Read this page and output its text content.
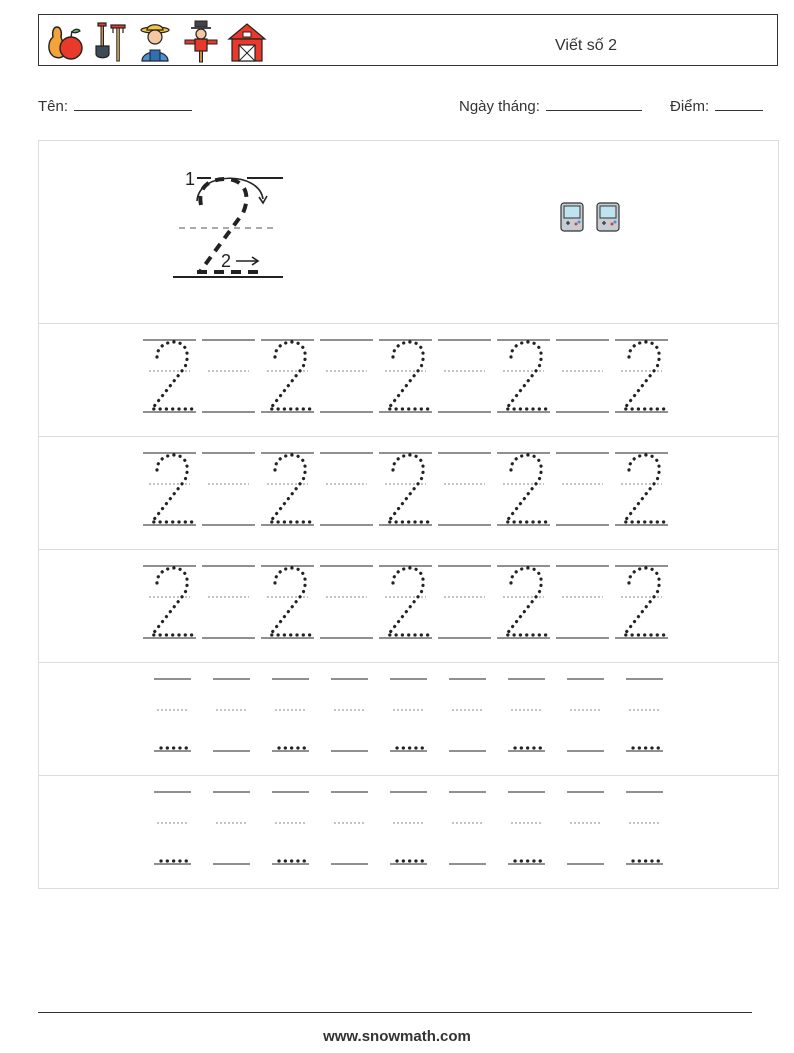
Viết số 2
Tên:	Ngày tháng:	Điểm:
1
2
www.snowmath.com
